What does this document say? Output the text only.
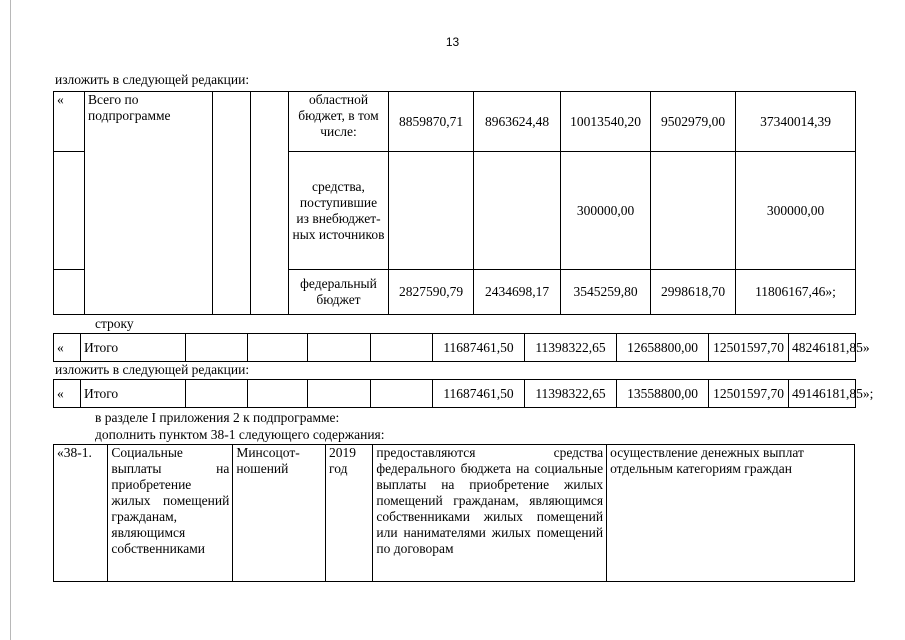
13
изложить в следующей редакции:
«	Всего по подпрограмме			областной бюджет, в том числе:	8859870,71	8963624,48	10013540,20	9502979,00	37340014,39
				средства, поступившие из внебюджет-ных источников			300000,00		300000,00
				федеральный бюджет	2827590,79	2434698,17	3545259,80	2998618,70	11806167,46»;
строку
«	Итого					11687461,50	11398322,65	12658800,00	12501597,70	48246181,85»
изложить в следующей редакции:
«	Итого					11687461,50	11398322,65	13558800,00	12501597,70	49146181,85»;
в разделе I приложения 2 к подпрограмме:
дополнить пунктом 38-1 следующего содержания:
«38-1.	Социальные выплаты на приобретение жилых помещений гражданам, являющимся собственниками	Минсоцот-ношений	2019 год	предоставляются средства федерального бюджета на социальные выплаты на приобретение жилых помещений гражданам, являющимся собственниками жилых помещений или нанимателями жилых помещений по договорам	осуществление денежных выплат отдельным категориям граждан
